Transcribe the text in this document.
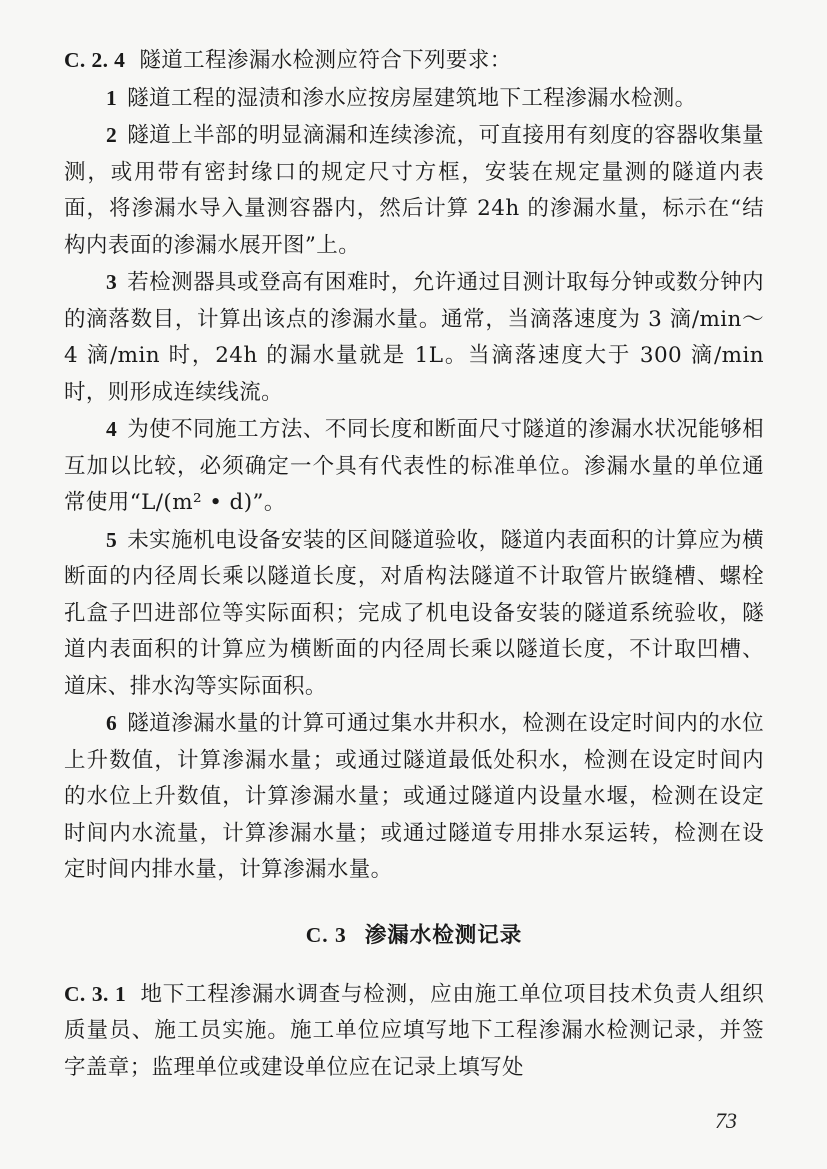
C. 2. 4 隧道工程渗漏水检测应符合下列要求：

1 隧道工程的湿渍和渗水应按房屋建筑地下工程渗漏水检测。

2 隧道上半部的明显滴漏和连续渗流，可直接用有刻度的容器收集量测，或用带有密封缘口的规定尺寸方框，安装在规定量测的隧道内表面，将渗漏水导入量测容器内，然后计算 24h 的渗漏水量，标示在“结构内表面的渗漏水展开图”上。

3 若检测器具或登高有困难时，允许通过目测计取每分钟或数分钟内的滴落数目，计算出该点的渗漏水量。通常，当滴落速度为 3 滴/min～4 滴/min 时，24h 的漏水量就是 1L。当滴落速度大于 300 滴/min 时，则形成连续线流。

4 为使不同施工方法、不同长度和断面尺寸隧道的渗漏水状况能够相互加以比较，必须确定一个具有代表性的标准单位。渗漏水量的单位通常使用“L/(m² • d)”。

5 未实施机电设备安装的区间隧道验收，隧道内表面积的计算应为横断面的内径周长乘以隧道长度，对盾构法隧道不计取管片嵌缝槽、螺栓孔盒子凹进部位等实际面积；完成了机电设备安装的隧道系统验收，隧道内表面积的计算应为横断面的内径周长乘以隧道长度，不计取凹槽、道床、排水沟等实际面积。

6 隧道渗漏水量的计算可通过集水井积水，检测在设定时间内的水位上升数值，计算渗漏水量；或通过隧道最低处积水，检测在设定时间内的水位上升数值，计算渗漏水量；或通过隧道内设量水堰，检测在设定时间内水流量，计算渗漏水量；或通过隧道专用排水泵运转，检测在设定时间内排水量，计算渗漏水量。

C. 3 渗漏水检测记录

C. 3. 1 地下工程渗漏水调查与检测，应由施工单位项目技术负责人组织质量员、施工员实施。施工单位应填写地下工程渗漏水检测记录，并签字盖章；监理单位或建设单位应在记录上填写处

73
